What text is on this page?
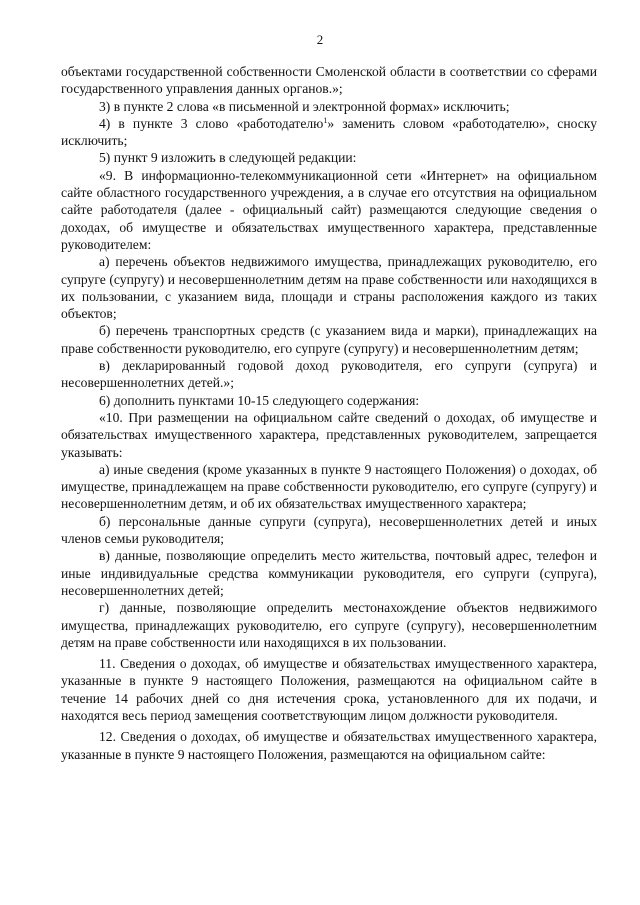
2

объектами государственной собственности Смоленской области в соответствии со сферами государственного управления данных органов.»;

3) в пункте 2 слова «в письменной и электронной формах» исключить;

4) в пункте 3 слово «работодателю$^1$» заменить словом «работодателю», сноску исключить;

5) пункт 9 изложить в следующей редакции:

«9. В информационно-телекоммуникационной сети «Интернет» на официальном сайте областного государственного учреждения, а в случае его отсутствия на официальном сайте работодателя (далее - официальный сайт) размещаются следующие сведения о доходах, об имуществе и обязательствах имущественного характера, представленные руководителем:

а) перечень объектов недвижимого имущества, принадлежащих руководителю, его супруге (супругу) и несовершеннолетним детям на праве собственности или находящихся в их пользовании, с указанием вида, площади и страны расположения каждого из таких объектов;

б) перечень транспортных средств (с указанием вида и марки), принадлежащих на праве собственности руководителю, его супруге (супругу) и несовершеннолетним детям;

в) декларированный годовой доход руководителя, его супруги (супруга) и несовершеннолетних детей.»;

6) дополнить пунктами 10-15 следующего содержания:

«10. При размещении на официальном сайте сведений о доходах, об имуществе и обязательствах имущественного характера, представленных руководителем, запрещается указывать:

а) иные сведения (кроме указанных в пункте 9 настоящего Положения) о доходах, об имуществе, принадлежащем на праве собственности руководителю, его супруге (супругу) и несовершеннолетним детям, и об их обязательствах имущественного характера;

б) персональные данные супруги (супруга), несовершеннолетних детей и иных членов семьи руководителя;

в) данные, позволяющие определить место жительства, почтовый адрес, телефон и иные индивидуальные средства коммуникации руководителя, его супруги (супруга), несовершеннолетних детей;

г) данные, позволяющие определить местонахождение объектов недвижимого имущества, принадлежащих руководителю, его супруге (супругу), несовершеннолетним детям на праве собственности или находящихся в их пользовании.

11. Сведения о доходах, об имуществе и обязательствах имущественного характера, указанные в пункте 9 настоящего Положения, размещаются на официальном сайте в течение 14 рабочих дней со дня истечения срока, установленного для их подачи, и находятся весь период замещения соответствующим лицом должности руководителя.

12. Сведения о доходах, об имуществе и обязательствах имущественного характера, указанные в пункте 9 настоящего Положения, размещаются на официальном сайте:
